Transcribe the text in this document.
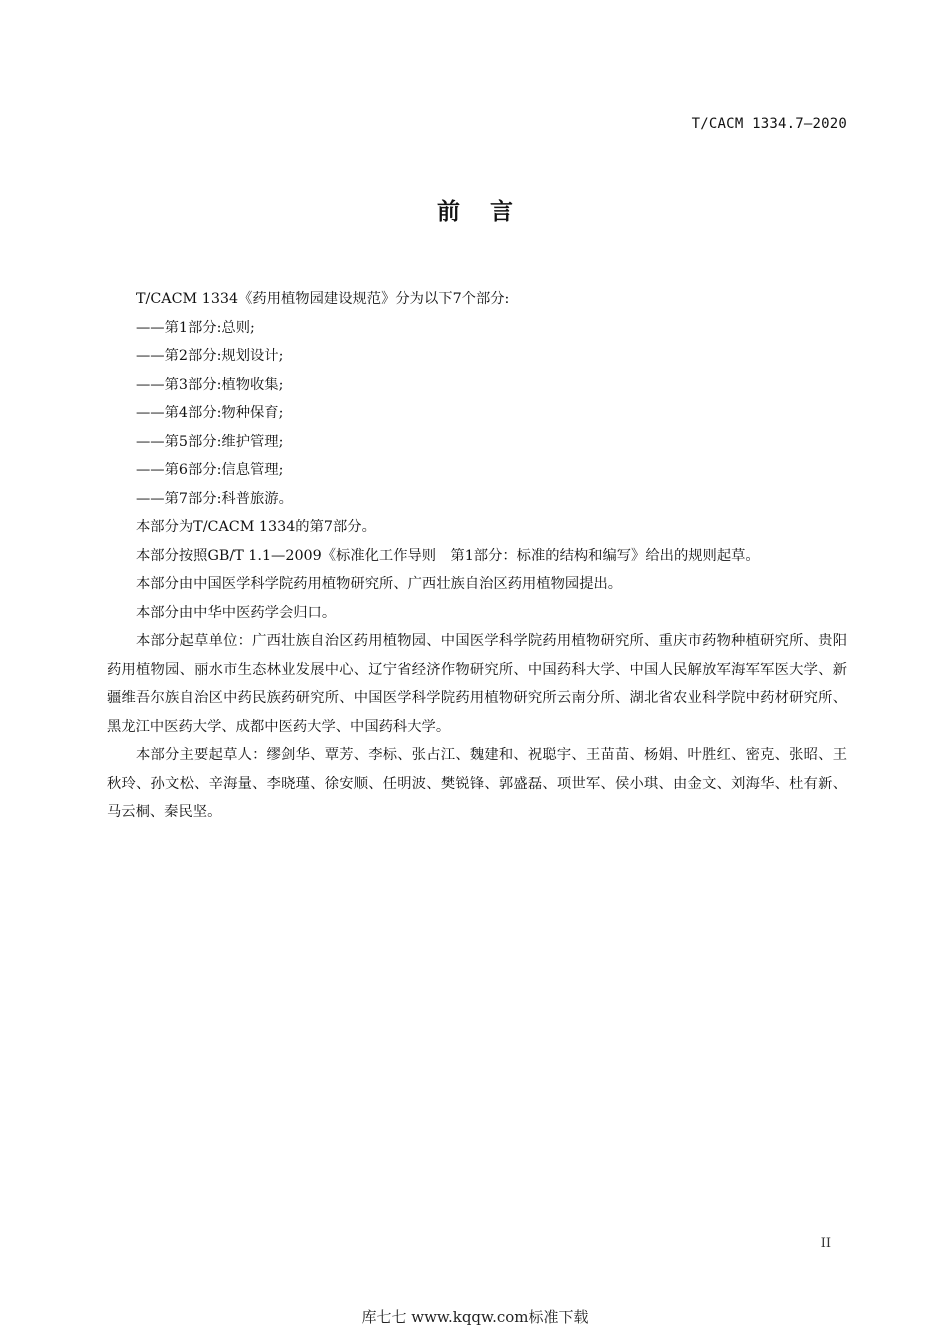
T/CACM 1334.7—2020
前言

T/CACM 1334《药用植物园建设规范》分为以下7个部分:

——第1部分:总则;

——第2部分:规划设计;

——第3部分:植物收集;

——第4部分:物种保育;

——第5部分:维护管理;

——第6部分:信息管理;

——第7部分:科普旅游。

本部分为T/CACM 1334的第7部分。

本部分按照GB/T 1.1—2009《标准化工作导则　第1部分：标准的结构和编写》给出的规则起草。

本部分由中国医学科学院药用植物研究所、广西壮族自治区药用植物园提出。

本部分由中华中医药学会归口。

本部分起草单位：广西壮族自治区药用植物园、中国医学科学院药用植物研究所、重庆市药物种植研究所、贵阳药用植物园、丽水市生态林业发展中心、辽宁省经济作物研究所、中国药科大学、中国人民解放军海军军医大学、新疆维吾尔族自治区中药民族药研究所、中国医学科学院药用植物研究所云南分所、湖北省农业科学院中药材研究所、黑龙江中医药大学、成都中医药大学、中国药科大学。

本部分主要起草人：缪剑华、覃芳、李标、张占江、魏建和、祝聪宇、王苗苗、杨娟、叶胜红、密克、张昭、王秋玲、孙文松、辛海量、李晓瑾、徐安顺、任明波、樊锐锋、郭盛磊、项世军、侯小琪、由金文、刘海华、杜有新、马云桐、秦民坚。

II
库七七 www.kqqw.com标准下载
